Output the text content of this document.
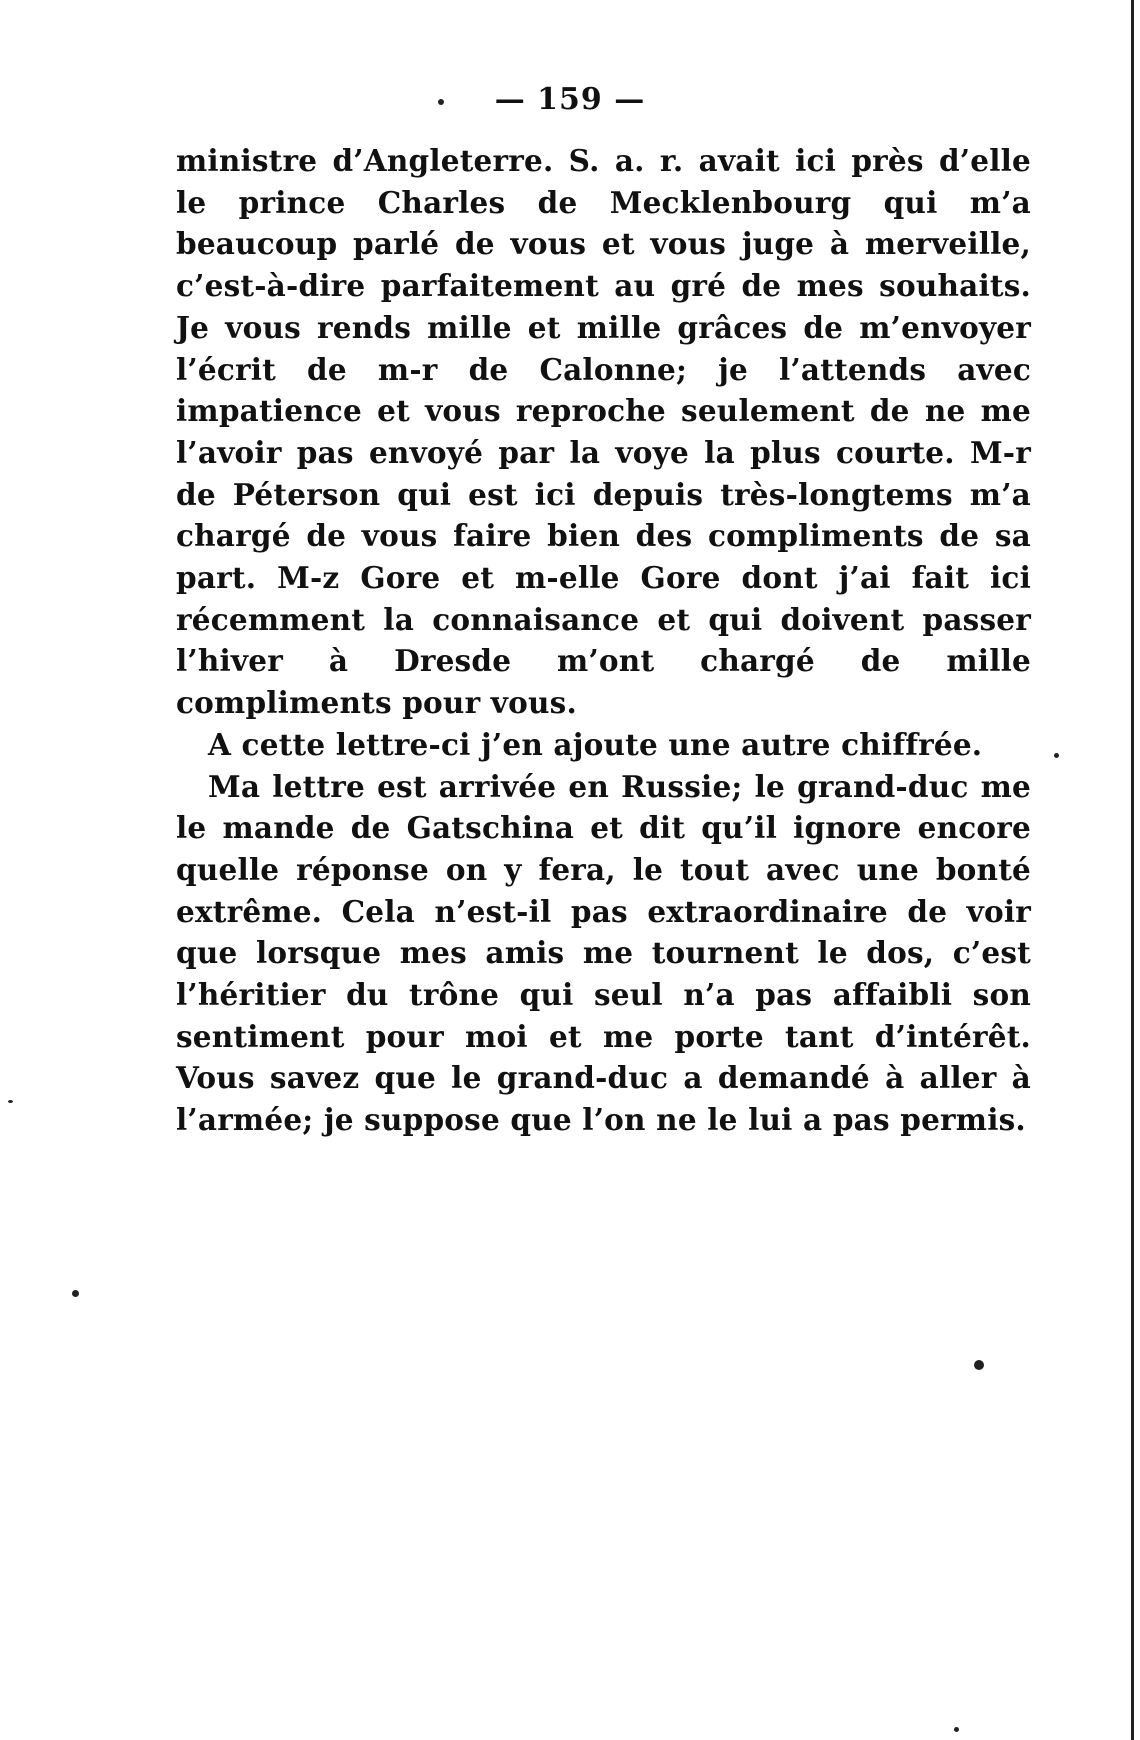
— 159 —

ministre d’Angleterre. S. a. r. avait ici près d’elle le prince Charles de Mecklenbourg qui m’a beaucoup parlé de vous et vous juge à merveille, c’est-à-dire parfaitement au gré de mes souhaits. Je vous rends mille et mille grâces de m’envoyer l’écrit de m-r de Calonne; je l’attends avec impatience et vous reproche seulement de ne me l’avoir pas envoyé par la voye la plus courte. M-r de Péterson qui est ici depuis très-longtems m’a chargé de vous faire bien des compliments de sa part. M-z Gore et m-elle Gore dont j’ai fait ici récemment la connaisance et qui doivent passer l’hiver à Dresde m’ont chargé de mille compliments pour vous.

A cette lettre-ci j’en ajoute une autre chiffrée.

Ma lettre est arrivée en Russie; le grand-duc me le mande de Gatschina et dit qu’il ignore encore quelle réponse on y fera, le tout avec une bonté extrême. Cela n’est-il pas extraordinaire de voir que lorsque mes amis me tournent le dos, c’est l’héritier du trône qui seul n’a pas affaibli son sentiment pour moi et me porte tant d’intérêt. Vous savez que le grand-duc a demandé à aller à l’armée; je suppose que l’on ne le lui a pas permis.
